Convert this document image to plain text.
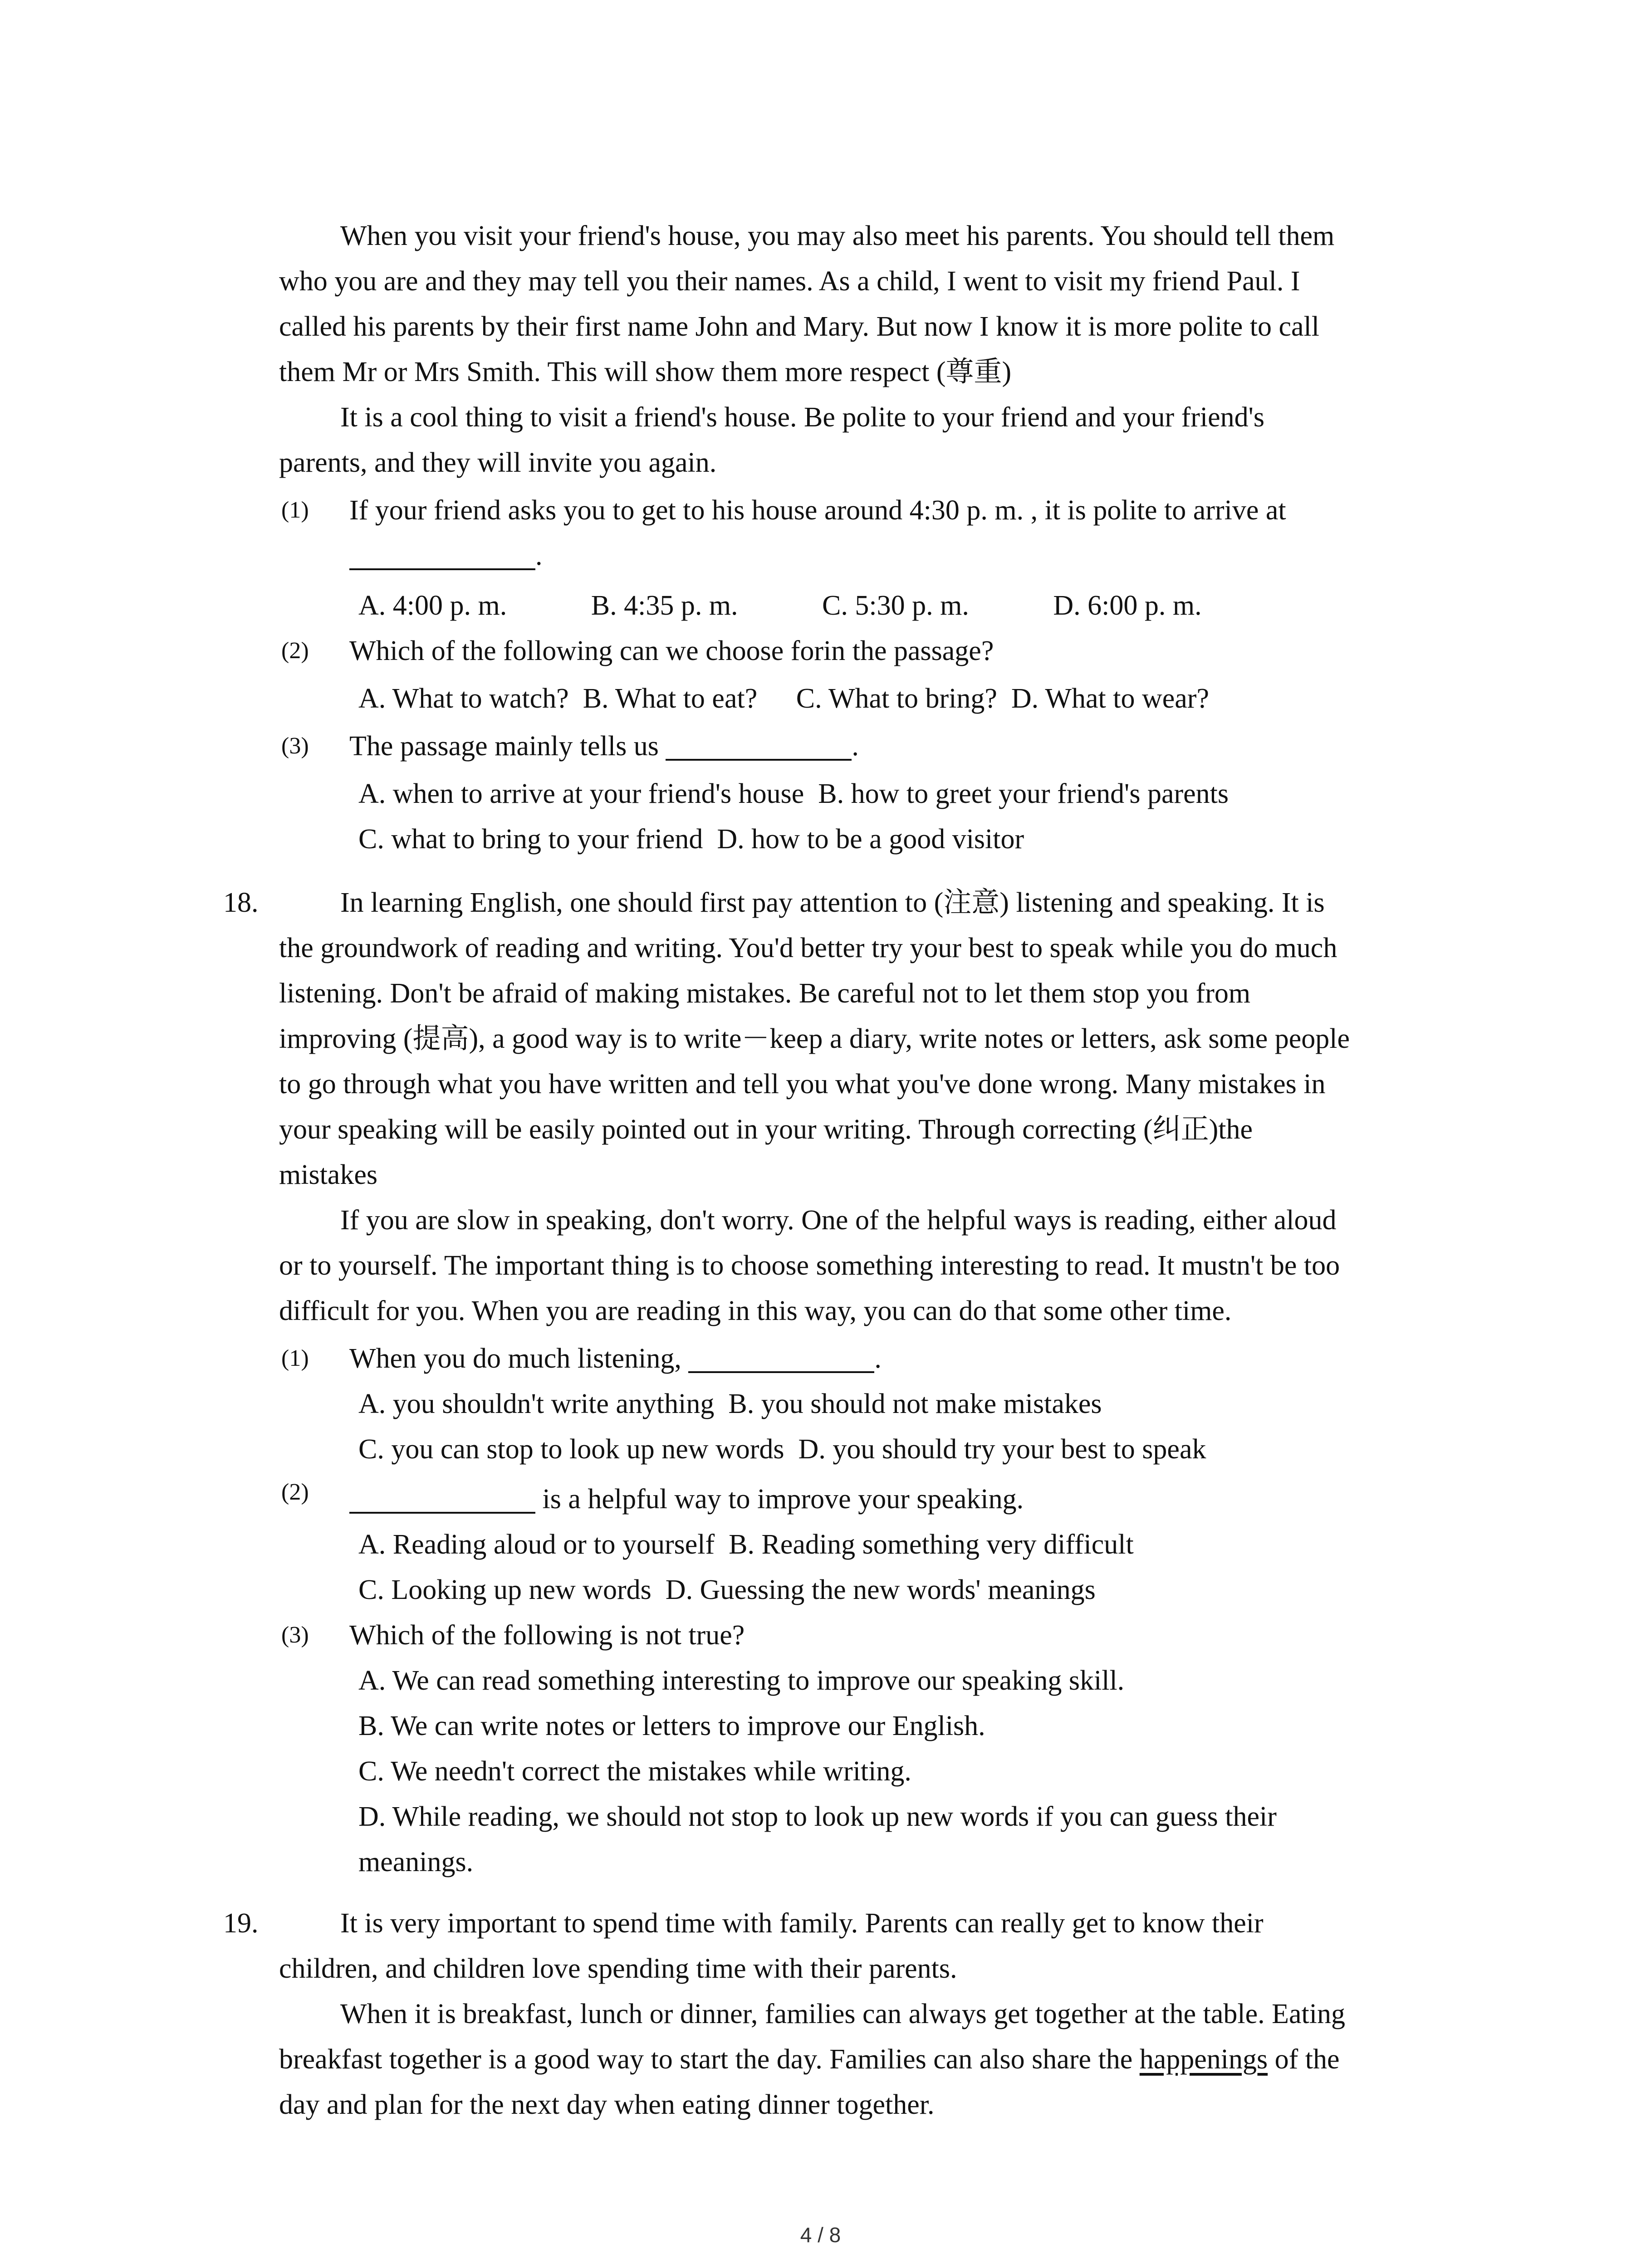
When you visit your friend's house, you may also meet his parents. You should tell them
who you are and they may tell you their names. As a child, I went to visit my friend Paul. I
called his parents by their first name John and Mary. But now I know it is more polite to call
them Mr or Mrs Smith. This will show them more respect (尊重)
It is a cool thing to visit a friend's house. Be polite to your friend and your friend's
parents, and they will invite you again.
(1) If your friend asks you to get to his house around 4:30 p. m. , it is polite to arrive at
.
A. 4:00 p. m.	B. 4:35 p. m.	C. 5:30 p. m.	D. 6:00 p. m.
(2) Which of the following can we choose forin the passage?
A. What to watch? B. What to eat? C. What to bring? D. What to wear?
(3) The passage mainly tells us	.
A. when to arrive at your friend's house B. how to greet your friend's parents
C. what to bring to your friend D. how to be a good visitor
18.	In learning English, one should first pay attention to (注意) listening and speaking. It is
the groundwork of reading and writing. You'd better try your best to speak while you do much
listening. Don't be afraid of making mistakes. Be careful not to let them stop you from
improving (提高), a good way is to write－keep a diary, write notes or letters, ask some people
to go through what you have written and tell you what you've done wrong. Many mistakes in
your speaking will be easily pointed out in your writing. Through correcting (纠正)the
mistakes
If you are slow in speaking, don't worry. One of the helpful ways is reading, either aloud
or to yourself. The important thing is to choose something interesting to read. It mustn't be too
difficult for you. When you are reading in this way, you can do that some other time.
(1) When you do much listening,	.
A. you shouldn't write anything B. you should not make mistakes
C. you can stop to look up new words D. you should try your best to speak
(2)	is a helpful way to improve your speaking.
A. Reading aloud or to yourself B. Reading something very difficult
C. Looking up new words D. Guessing the new words' meanings
(3) Which of the following is not true?
A. We can read something interesting to improve our speaking skill.
B. We can write notes or letters to improve our English.
C. We needn't correct the mistakes while writing.
D. While reading, we should not stop to look up new words if you can guess their
meanings.
19.	It is very important to spend time with family. Parents can really get to know their
children, and children love spending time with their parents.
When it is breakfast, lunch or dinner, families can always get together at the table. Eating
breakfast together is a good way to start the day. Families can also share the happenings of the
day and plan for the next day when eating dinner together.
4 / 8
